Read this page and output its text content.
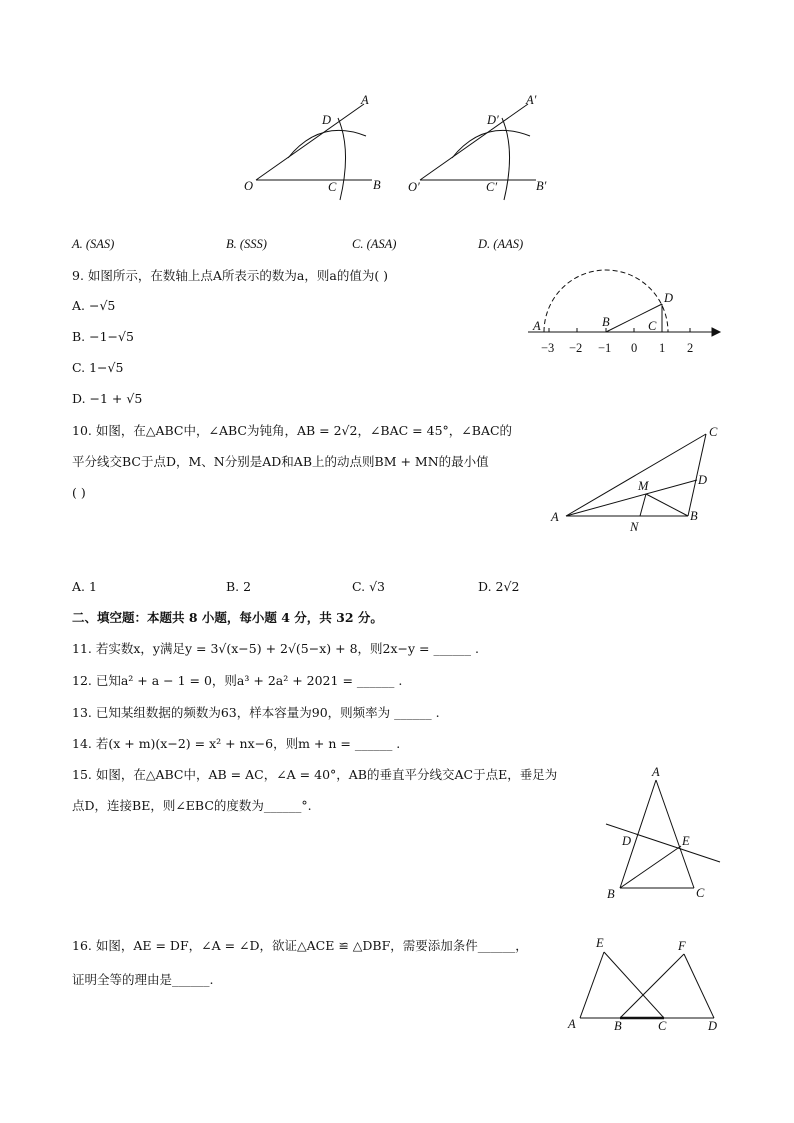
O	C	B
D
A
O′	C′	B′
D′
A′
A. (SAS)	B. (SSS)	C. (ASA)	D. (AAS)
9. 如图所示，在数轴上点A所表示的数为a，则a的值为( )
A. −√5
B. −1−√5
C. 1−√5
D. −1 + √5
A	B	C
D
−3 −2 −1 0 1 2
10. 如图，在△ABC中，∠ABC为钝角，AB = 2√2，∠BAC = 45°，∠BAC的
平分线交BC于点D，M、N分别是AD和AB上的动点则BM + MN的最小值
( )
A	B
C
D
M
N
A. 1	B. 2	C. √3	D. 2√2
二、填空题：本题共 8 小题，每小题 4 分，共 32 分。
11. 若实数x，y满足y = 3√(x−5) + 2√(5−x) + 8，则2x−y = ______ .
12. 已知a² + a − 1 = 0，则a³ + 2a² + 2021 = ______ .
13. 已知某组数据的频数为63，样本容量为90，则频率为 ______ .
14. 若(x + m)(x−2) = x² + nx−6，则m + n = ______ .
15. 如图，在△ABC中，AB = AC，∠A = 40°，AB的垂直平分线交AC于点E，垂足为
点D，连接BE，则∠EBC的度数为______°.
A
B	C
D	E
16. 如图，AE = DF，∠A = ∠D，欲证△ACE ≌ △DBF，需要添加条件______，
证明全等的理由是______.
E	F
A	B	C	D
